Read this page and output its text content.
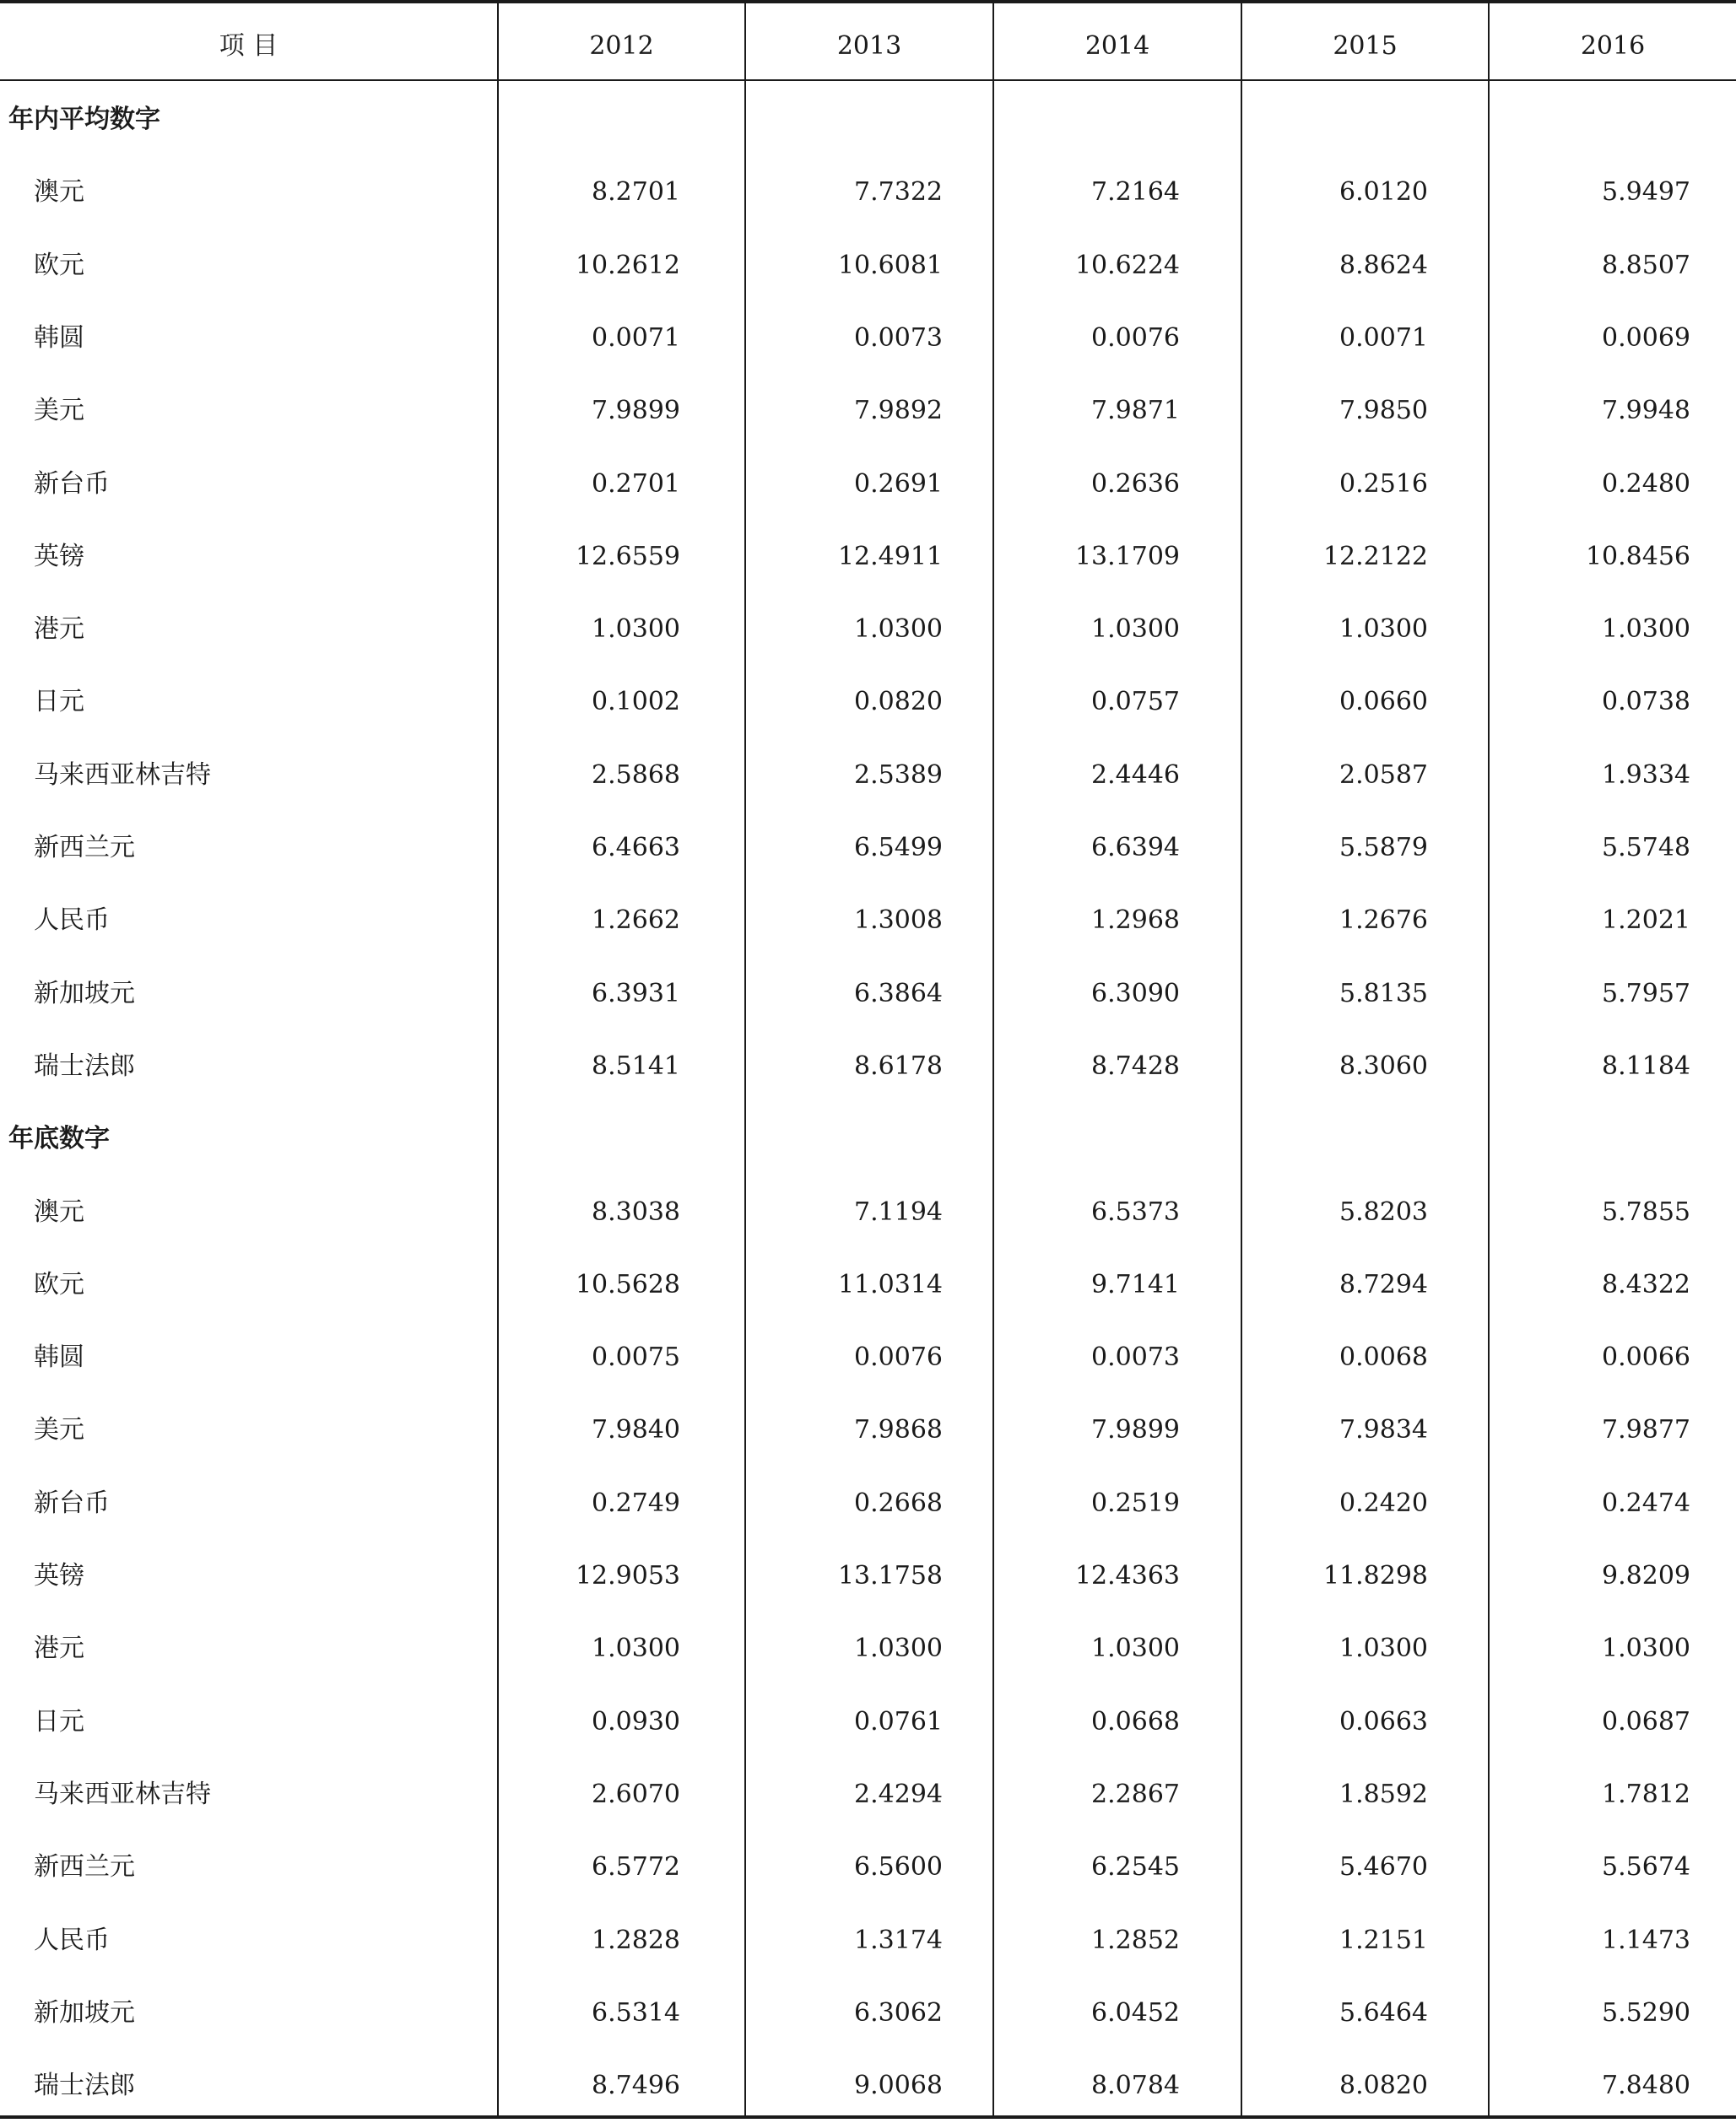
项 目	2012	2013	2014	2015	2016
年内平均数字
澳元	8.2701	7.7322	7.2164	6.0120	5.9497
欧元	10.2612	10.6081	10.6224	8.8624	8.8507
韩圆	0.0071	0.0073	0.0076	0.0071	0.0069
美元	7.9899	7.9892	7.9871	7.9850	7.9948
新台币	0.2701	0.2691	0.2636	0.2516	0.2480
英镑	12.6559	12.4911	13.1709	12.2122	10.8456
港元	1.0300	1.0300	1.0300	1.0300	1.0300
日元	0.1002	0.0820	0.0757	0.0660	0.0738
马来西亚林吉特	2.5868	2.5389	2.4446	2.0587	1.9334
新西兰元	6.4663	6.5499	6.6394	5.5879	5.5748
人民币	1.2662	1.3008	1.2968	1.2676	1.2021
新加坡元	6.3931	6.3864	6.3090	5.8135	5.7957
瑞士法郎	8.5141	8.6178	8.7428	8.3060	8.1184
年底数字
澳元	8.3038	7.1194	6.5373	5.8203	5.7855
欧元	10.5628	11.0314	9.7141	8.7294	8.4322
韩圆	0.0075	0.0076	0.0073	0.0068	0.0066
美元	7.9840	7.9868	7.9899	7.9834	7.9877
新台币	0.2749	0.2668	0.2519	0.2420	0.2474
英镑	12.9053	13.1758	12.4363	11.8298	9.8209
港元	1.0300	1.0300	1.0300	1.0300	1.0300
日元	0.0930	0.0761	0.0668	0.0663	0.0687
马来西亚林吉特	2.6070	2.4294	2.2867	1.8592	1.7812
新西兰元	6.5772	6.5600	6.2545	5.4670	5.5674
人民币	1.2828	1.3174	1.2852	1.2151	1.1473
新加坡元	6.5314	6.3062	6.0452	5.6464	5.5290
瑞士法郎	8.7496	9.0068	8.0784	8.0820	7.8480
